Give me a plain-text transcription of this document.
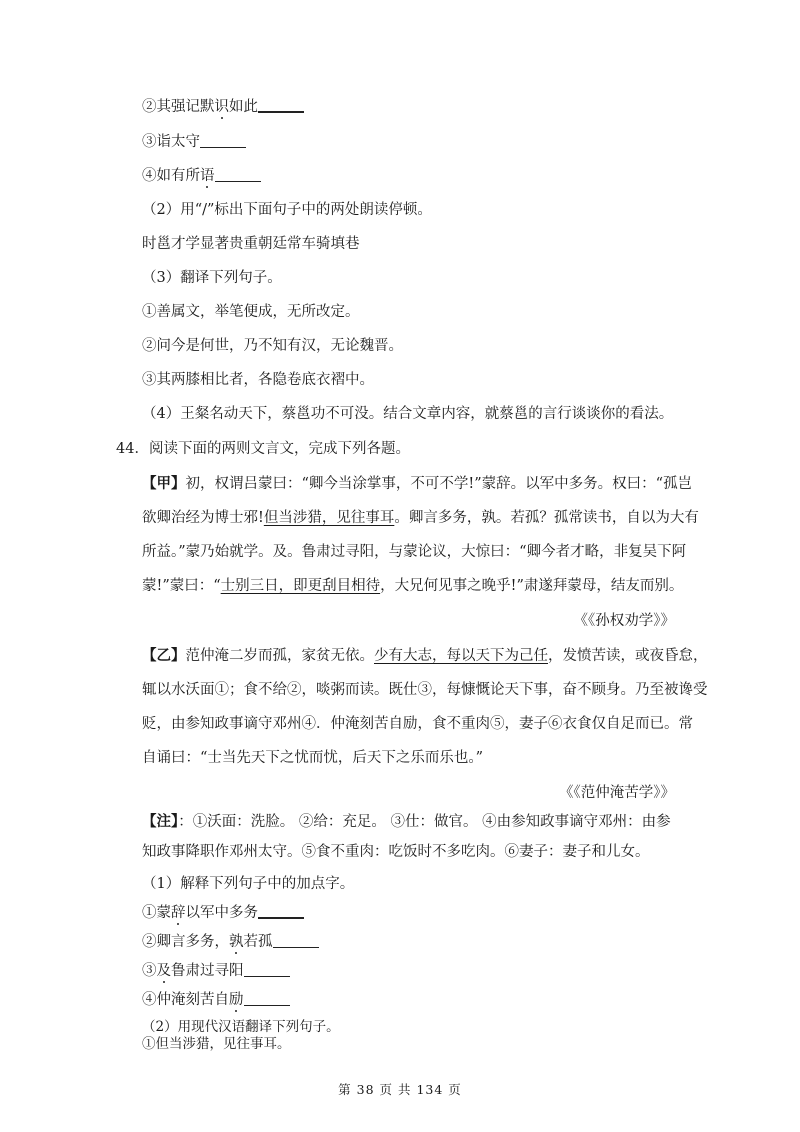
②其强记默识如此
③诣太守
④如有所语
（2）用“/”标出下面句子中的两处朗读停顿。
时邕才学显著贵重朝廷常车骑填巷
（3）翻译下列句子。
①善属文，举笔便成，无所改定。
②问今是何世，乃不知有汉，无论魏晋。
③其两膝相比者，各隐卷底衣褶中。
（4）王粲名动天下，蔡邕功不可没。结合文章内容，就蔡邕的言行谈谈你的看法。
44．阅读下面的两则文言文，完成下列各题。
【甲】初，权谓吕蒙曰：“卿今当涂掌事，不可不学!”蒙辞。以军中多务。权曰：“孤岂
欲卿治经为博士邪!但当涉猎，见往事耳。卿言多务，孰。若孤？孤常读书，自以为大有
所益。”蒙乃始就学。及。鲁肃过寻阳，与蒙论议，大惊曰：“卿今者才略，非复吴下阿
蒙!”蒙曰：“士别三日，即更刮目相待，大兄何见事之晚乎!”肃遂拜蒙母，结友而别。
《《孙权劝学》》
【乙】范仲淹二岁而孤，家贫无依。少有大志，每以天下为己任，发愤苦读，或夜昏怠，
辄以水沃面①；食不给②，啖粥而读。既仕③，每慷慨论天下事，奋不顾身。乃至被谗受
贬，由参知政事谪守邓州④．仲淹刻苦自励，食不重肉⑤，妻子⑥衣食仅自足而已。常
自诵曰：“士当先天下之忧而忧，后天下之乐而乐也。”
《《范仲淹苦学》》
【注】：①沃面：洗脸。 ②给：充足。 ③仕：做官。 ④由参知政事谪守邓州：由参
知政事降职作邓州太守。⑤食不重肉：吃饭时不多吃肉。⑥妻子：妻子和儿女。
（1）解释下列句子中的加点字。
①蒙辞以军中多务
②卿言多务，孰若孤
③及鲁肃过寻阳
④仲淹刻苦自励
第 38 页 共 134 页
（2）用现代汉语翻译下列句子。
①但当涉猎，见往事耳。
